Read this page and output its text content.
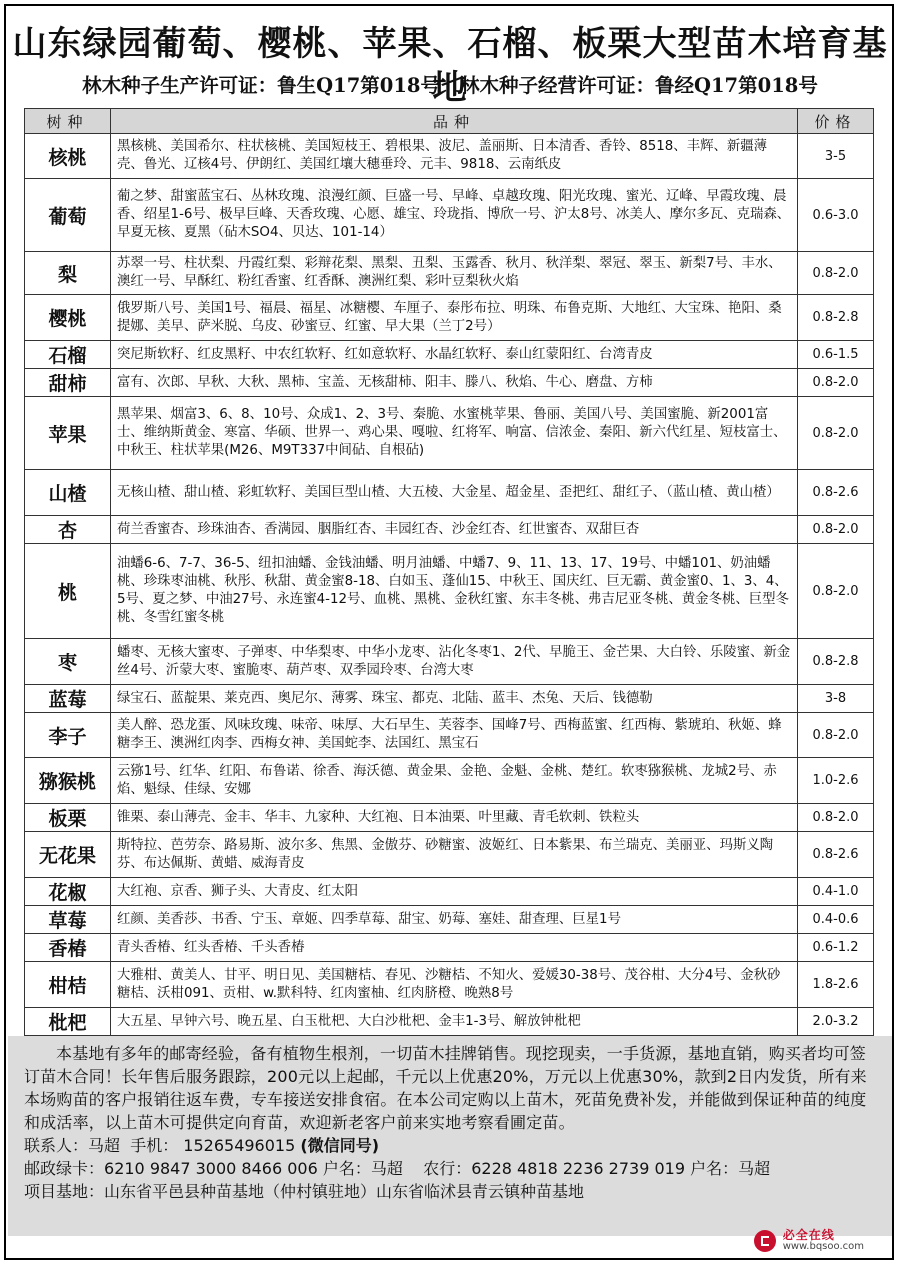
山东绿园葡萄、樱桃、苹果、石榴、板栗大型苗木培育基地
林木种子生产许可证：鲁生Q17第018号 林木种子经营许可证：鲁经Q17第018号
树种	品种	价格
核桃	黑核桃、美国希尔、柱状核桃、美国短枝王、碧根果、波尼、盖丽斯、日本清香、香铃、8518、丰辉、新疆薄壳、鲁光、辽核4号、伊朗红、美国红壤大穗垂玲、元丰、9818、云南纸皮	3-5
葡萄	葡之梦、甜蜜蓝宝石、丛林玫瑰、浪漫红颜、巨盛一号、早峰、卓越玫瑰、阳光玫瑰、蜜光、辽峰、早霞玫瑰、晨香、绍星1-6号、极早巨峰、天香玫瑰、心愿、雄宝、玲珑指、博欣一号、沪太8号、冰美人、摩尔多瓦、克瑞森、早夏无核、夏黑（砧木SO4、贝达、101-14）	0.6-3.0
梨	苏翠一号、柱状梨、丹霞红梨、彩辩花梨、黑梨、丑梨、玉露香、秋月、秋洋梨、翠冠、翠玉、新梨7号、丰水、澳红一号、早酥红、粉红香蜜、红香酥、澳洲红梨、彩叶豆梨秋火焰	0.8-2.0
樱桃	俄罗斯八号、美国1号、福晨、福星、冰糖樱、车厘子、泰彤布拉、明珠、布鲁克斯、大地红、大宝珠、艳阳、桑提娜、美早、萨米脱、乌皮、砂蜜豆、红蜜、早大果（兰丁2号）	0.8-2.8
石榴	突尼斯软籽、红皮黑籽、中农红软籽、红如意软籽、水晶红软籽、泰山红蒙阳红、台湾青皮	0.6-1.5
甜柿	富有、次郎、早秋、大秋、黑柿、宝盖、无核甜柿、阳丰、滕八、秋焰、牛心、磨盘、方柿	0.8-2.0
苹果	黑苹果、烟富3、6、8、10号、众成1、2、3号、秦脆、水蜜桃苹果、鲁丽、美国八号、美国蜜脆、新2001富士、维纳斯黄金、寒富、华硕、世界一、鸡心果、嘎啦、红将军、响富、信浓金、秦阳、新六代红星、短枝富士、中秋王、柱状苹果(M26、M9T337中间砧、自根砧)	0.8-2.0
山楂	无核山楂、甜山楂、彩虹软籽、美国巨型山楂、大五棱、大金星、超金星、歪把红、甜红子、（蓝山楂、黄山楂）	0.8-2.6
杏	荷兰香蜜杏、珍珠油杏、香满园、胭脂红杏、丰园红杏、沙金红杏、红世蜜杏、双甜巨杏	0.8-2.0
桃	油蟠6-6、7-7、36-5、纽扣油蟠、金钱油蟠、明月油蟠、中蟠7、9、11、13、17、19号、中蟠101、奶油蟠桃、珍珠枣油桃、秋彤、秋甜、黄金蜜8-18、白如玉、蓬仙15、中秋王、国庆红、巨无霸、黄金蜜0、1、3、4、5号、夏之梦、中油27号、永连蜜4-12号、血桃、黑桃、金秋红蜜、东丰冬桃、弗吉尼亚冬桃、黄金冬桃、巨型冬桃、冬雪红蜜冬桃	0.8-2.0
枣	蟠枣、无核大蜜枣、子弹枣、中华梨枣、中华小龙枣、沾化冬枣1、2代、早脆王、金芒果、大白铃、乐陵蜜、新金丝4号、沂蒙大枣、蜜脆枣、葫芦枣、双季园玲枣、台湾大枣	0.8-2.8
蓝莓	绿宝石、蓝靛果、莱克西、奥尼尔、薄雾、珠宝、都克、北陆、蓝丰、杰兔、天后、钱德勒	3-8
李子	美人醉、恐龙蛋、风味玫瑰、味帝、味厚、大石早生、芙蓉李、国峰7号、西梅蓝蜜、红西梅、紫琥珀、秋姬、蜂糖李王、澳洲红肉李、西梅女神、美国蛇李、法国红、黑宝石	0.8-2.0
猕猴桃	云猕1号、红华、红阳、布鲁诺、徐香、海沃德、黄金果、金艳、金魁、金桃、楚红。软枣猕猴桃、龙城2号、赤焰、魁绿、佳绿、安娜	1.0-2.6
板栗	锥栗、泰山薄壳、金丰、华丰、九家种、大红袍、日本油栗、叶里藏、青毛软刺、铁粒头	0.8-2.0
无花果	斯特拉、芭劳奈、路易斯、波尔多、焦黑、金傲芬、砂糖蜜、波姬红、日本紫果、布兰瑞克、美丽亚、玛斯义陶芬、布达佩斯、黄蜡、威海青皮	0.8-2.6
花椒	大红袍、京香、狮子头、大青皮、红太阳	0.4-1.0
草莓	红颜、美香莎、书香、宁玉、章姬、四季草莓、甜宝、奶莓、塞娃、甜查理、巨星1号	0.4-0.6
香椿	青头香椿、红头香椿、千头香椿	0.6-1.2
柑桔	大雅柑、黄美人、甘平、明日见、美国糖桔、春见、沙糖桔、不知火、爱媛30-38号、茂谷柑、大分4号、金秋砂糖桔、沃柑091、贡柑、w.默科特、红肉蜜柚、红肉脐橙、晚熟8号	1.8-2.6
枇杷	大五星、早钟六号、晚五星、白玉枇杷、大白沙枇杷、金丰1-3号、解放钟枇杷	2.0-3.2

本基地有多年的邮寄经验，备有植物生根剂，一切苗木挂牌销售。现挖现卖，一手货源，基地直销，购买者均可签订苗木合同！长年售后服务跟踪，200元以上起邮，千元以上优惠20%，万元以上优惠30%，款到2日内发货，所有来本场购苗的客户报销往返车费，专车接送安排食宿。在本公司定购以上苗木，死苗免费补发，并能做到保证种苗的纯度和成活率，以上苗木可提供定向育苗，欢迎新老客户前来实地考察看圃定苗。

联系人：马超 手机： 15265496015 (微信同号)

邮政绿卡：6210 9847 3000 8466 006 户名：马超 农行：6228 4818 2236 2739 019 户名：马超

项目基地：山东省平邑县种苗基地（仲村镇驻地）山东省临沭县青云镇种苗基地

必全在线
www.bqsoo.com
